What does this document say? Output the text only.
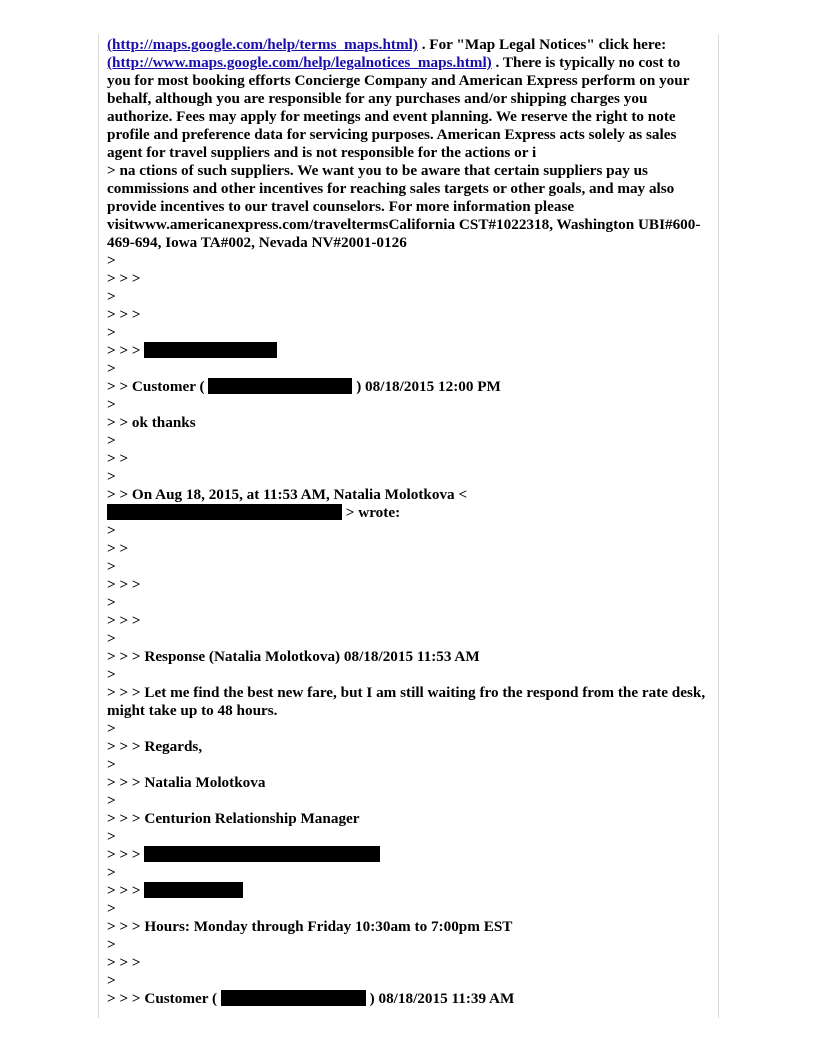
(http://maps.google.com/help/terms_maps.html) . For "Map Legal Notices" click here: (http://www.maps.google.com/help/legalnotices_maps.html) . There is typically no cost to you for most booking efforts Concierge Company and American Express perform on your behalf, although you are responsible for any purchases and/or shipping charges you authorize. Fees may apply for meetings and event planning. We reserve the right to note profile and preference data for servicing purposes. American Express acts solely as sales agent for travel suppliers and is not responsible for the actions or i

> na ctions of such suppliers. We want you to be aware that certain suppliers pay us commissions and other incentives for reaching sales targets or other goals, and may also provide incentives to our travel counselors. For more information please visitwww.americanexpress.com/traveltermsCalifornia CST#1022318, Washington UBI#600-469-694, Iowa TA#002, Nevada NV#2001-0126

>
> > >
>
> > >
>
> > >
>
> > Customer (	) 08/18/2015 12:00 PM
>
> > ok thanks
>
> >
>
> > On Aug 18, 2015, at 11:53 AM, Natalia Molotkova <
> wrote:
>
> >
>
> > >
>
> > >
>
> > > Response (Natalia Molotkova) 08/18/2015 11:53 AM
>

> > > Let me find the best new fare, but I am still waiting fro the respond from the rate desk, might take up to 48 hours.

>
> > > Regards,
>
> > > Natalia Molotkova
>
> > > Centurion Relationship Manager
>
> > >
>
> > >
>
> > > Hours: Monday through Friday 10:30am to 7:00pm EST
>
> > >
>
> > > Customer (	) 08/18/2015 11:39 AM
